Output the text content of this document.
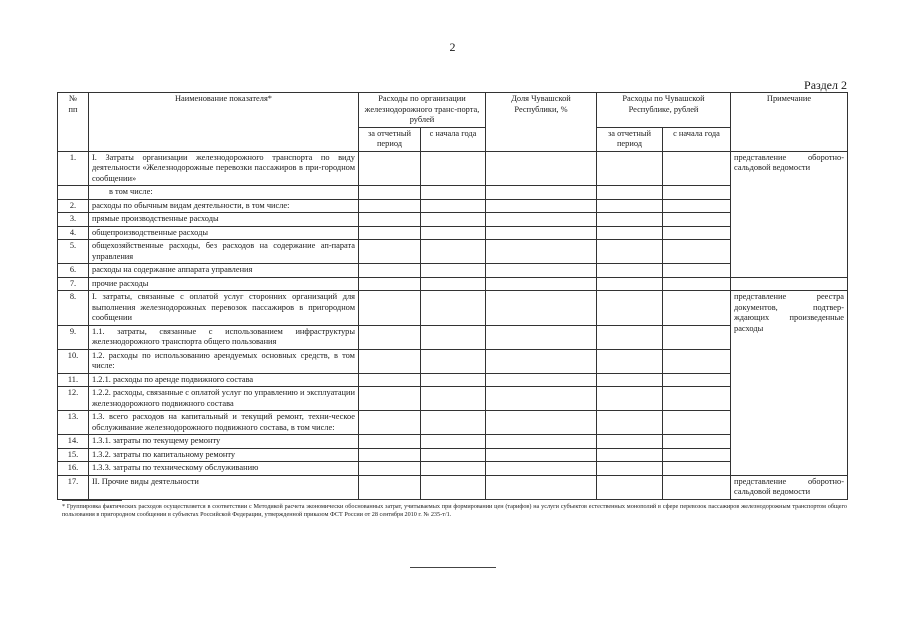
2
Раздел 2
№
пп	Наименование показателя*	Расходы по организации железнодорожного транс-порта, рублей		Доля Чувашской Республики, %	Расходы по Чувашской Республике, рублей		Примечание
		за отчетный период	с начала года		за отчетный период	с начала года	
1.	I. Затраты организации железнодорожного транспорта по виду деятельности «Железнодорожные перевозки пассажиров в при-городном сообщении»						представление оборотно-сальдовой ведомости
	в том числе:						
2.	расходы по обычным видам деятельности, в том числе:						
3.	прямые производственные расходы						
4.	общепроизводственные расходы						
5.	общехозяйственные расходы, без расходов на содержание ап-парата управления						
6.	расходы на содержание аппарата управления						
7.	прочие расходы						
8.	I. затраты, связанные с оплатой услуг сторонних организаций для выполнения железнодорожных перевозок пассажиров в пригородном сообщении						представление реестра документов, подтвер-ждающих произведенные расходы
9.	1.1. затраты, связанные с использованием инфраструктуры железнодорожного транспорта общего пользования						
10.	1.2. расходы по использованию арендуемых основных средств, в том числе:						
11.	1.2.1. расходы по аренде подвижного состава						
12.	1.2.2. расходы, связанные с оплатой услуг по управлению и эксплуатации железнодорожного подвижного состава						
13.	1.3. всего расходов на капитальный и текущий ремонт, техни-ческое обслуживание железнодорожного подвижного состава, в том числе:						
14.	1.3.1. затраты по текущему ремонту						
15.	1.3.2. затраты по капитальному ремонту						
16.	1.3.3. затраты по техническому обслуживанию						
17.	II. Прочие виды деятельности						представление оборотно-сальдовой ведомости
* Группировка фактических расходов осуществляется в соответствии с Методикой расчета экономически обоснованных затрат, учитываемых при формировании цен (тарифов) на услуги субъектов естественных монополий в сфере перевозок пассажиров железнодорожным транспортом общего пользования в пригородном сообщении в субъектах Российской Федерации, утвержденной приказом ФСТ России от 28 сентября 2010 г. № 235-т/1.
